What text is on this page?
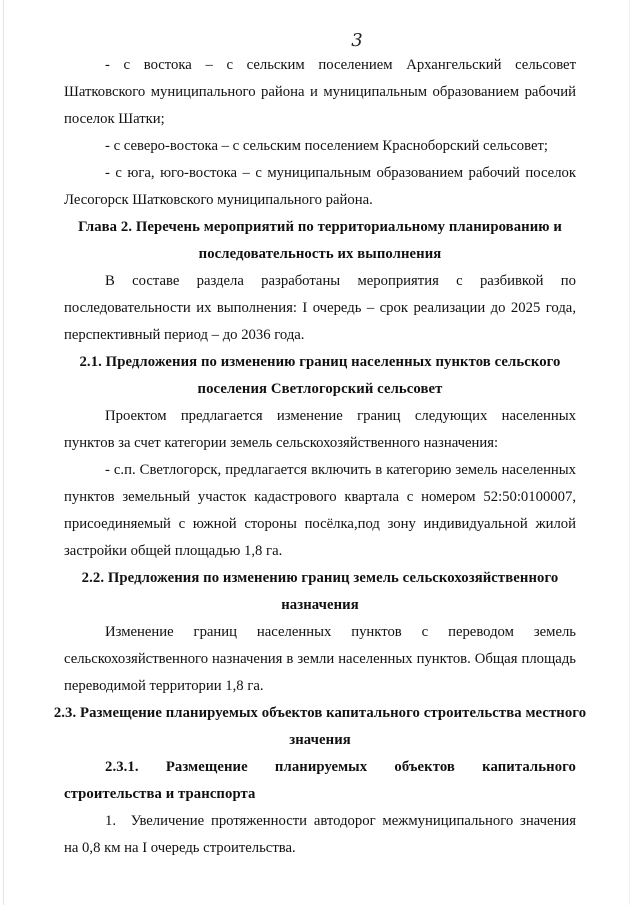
3

- с востока – с сельским поселением Архангельский сельсовет Шатковского муниципального района и муниципальным образованием рабочий поселок Шатки;

- с северо-востока – с сельским поселением Красноборский сельсовет;

- с юга, юго-востока – с муниципальным образованием рабочий поселок Лесогорск Шатковского муниципального района.

Глава 2. Перечень мероприятий по территориальному планированию и последовательность их выполнения

В составе раздела разработаны мероприятия с разбивкой по последовательности их выполнения: I очередь – срок реализации до 2025 года, перспективный период – до 2036 года.

2.1. Предложения по изменению границ населенных пунктов сельского поселения Светлогорский сельсовет

Проектом предлагается изменение границ следующих населенных пунктов за счет категории земель сельскохозяйственного назначения:

- с.п. Светлогорск, предлагается включить в категорию земель населенных пунктов земельный участок кадастрового квартала с номером 52:50:0100007, присоединяемый с южной стороны посёлка,под зону индивидуальной жилой застройки общей площадью 1,8 га.

2.2. Предложения по изменению границ земель сельскохозяйственного назначения

Изменение границ населенных пунктов с переводом земель сельскохозяйственного назначения в земли населенных пунктов. Общая площадь переводимой территории 1,8 га.

2.3. Размещение планируемых объектов капитального строительства местного значения
2.3.1. Размещение планируемых объектов капитального строительства и транспорта

1. Увеличение протяженности автодорог межмуниципального значения на 0,8 км на I очередь строительства.
